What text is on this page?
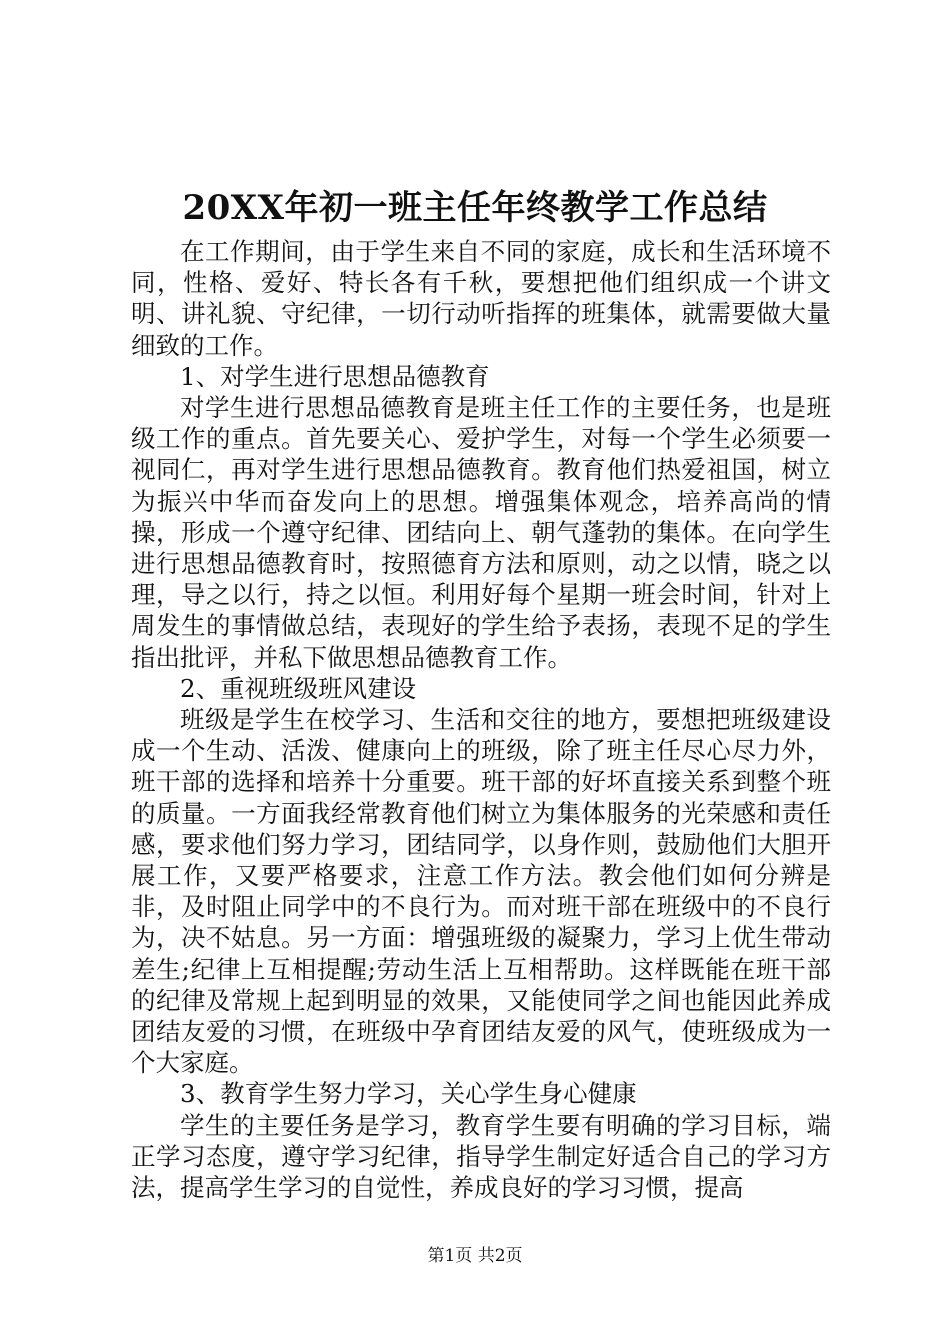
20XX年初一班主任年终教学工作总结

在工作期间，由于学生来自不同的家庭，成长和生活环境不同，性格、爱好、特长各有千秋，要想把他们组织成一个讲文明、讲礼貌、守纪律，一切行动听指挥的班集体，就需要做大量细致的工作。

1、对学生进行思想品德教育

对学生进行思想品德教育是班主任工作的主要任务，也是班级工作的重点。首先要关心、爱护学生，对每一个学生必须要一视同仁，再对学生进行思想品德教育。教育他们热爱祖国，树立为振兴中华而奋发向上的思想。增强集体观念，培养高尚的情操，形成一个遵守纪律、团结向上、朝气蓬勃的集体。在向学生进行思想品德教育时，按照德育方法和原则，动之以情，晓之以理，导之以行，持之以恒。利用好每个星期一班会时间，针对上周发生的事情做总结，表现好的学生给予表扬，表现不足的学生指出批评，并私下做思想品德教育工作。

2、重视班级班风建设

班级是学生在校学习、生活和交往的地方，要想把班级建设成一个生动、活泼、健康向上的班级，除了班主任尽心尽力外，班干部的选择和培养十分重要。班干部的好坏直接关系到整个班的质量。一方面我经常教育他们树立为集体服务的光荣感和责任感，要求他们努力学习，团结同学，以身作则，鼓励他们大胆开展工作，又要严格要求，注意工作方法。教会他们如何分辨是非，及时阻止同学中的不良行为。而对班干部在班级中的不良行为，决不姑息。另一方面：增强班级的凝聚力，学习上优生带动差生;纪律上互相提醒;劳动生活上互相帮助。这样既能在班干部的纪律及常规上起到明显的效果，又能使同学之间也能因此养成团结友爱的习惯，在班级中孕育团结友爱的风气，使班级成为一个大家庭。

3、教育学生努力学习，关心学生身心健康

学生的主要任务是学习，教育学生要有明确的学习目标，端正学习态度，遵守学习纪律，指导学生制定好适合自己的学习方法，提高学生学习的自觉性，养成良好的学习习惯，提高

第1页 共2页
